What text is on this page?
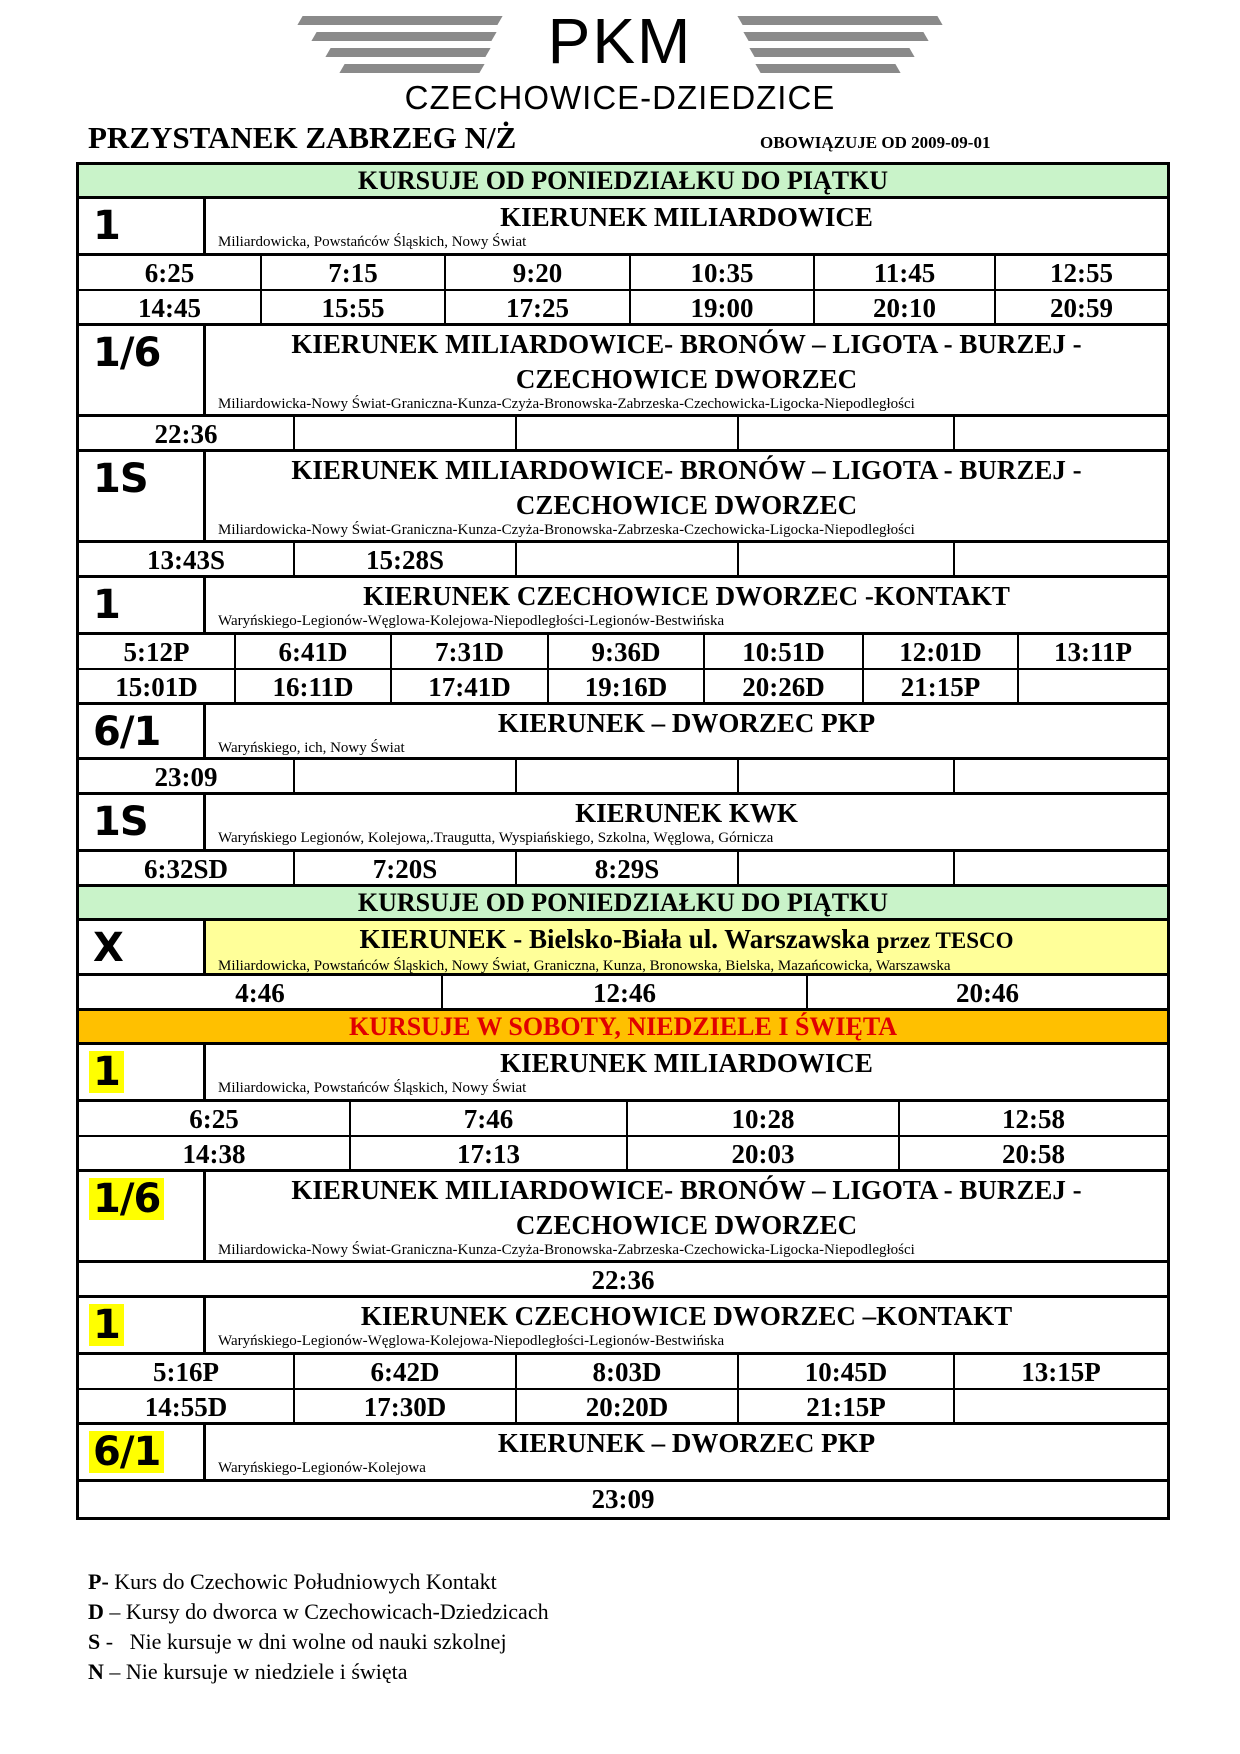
PKM
CZECHOWICE-DZIEDZICE
PRZYSTANEK ZABRZEG N/Ż	OBOWIĄZUJE OD 2009-09-01
KURSUJE OD PONIEDZIAŁKU DO PIĄTKU
1	KIERUNEK MILIARDOWICE
Miliardowicka, Powstańców Śląskich, Nowy Świat
6:25	7:15	9:20	10:35	11:45	12:55
14:45	15:55	17:25	19:00	20:10	20:59
1/6	KIERUNEK MILIARDOWICE- BRONÓW – LIGOTA - BURZEJ -
CZECHOWICE DWORZEC
Miliardowicka-Nowy Świat-Graniczna-Kunza-Czyża-Bronowska-Zabrzeska-Czechowicka-Ligocka-Niepodległości
22:36
1S	KIERUNEK MILIARDOWICE- BRONÓW – LIGOTA - BURZEJ -
CZECHOWICE DWORZEC
Miliardowicka-Nowy Świat-Graniczna-Kunza-Czyża-Bronowska-Zabrzeska-Czechowicka-Ligocka-Niepodległości
13:43S	15:28S
1	KIERUNEK CZECHOWICE DWORZEC -KONTAKT
Waryńskiego-Legionów-Węglowa-Kolejowa-Niepodległości-Legionów-Bestwińska
5:12P	6:41D	7:31D	9:36D	10:51D	12:01D	13:11P
15:01D	16:11D	17:41D	19:16D	20:26D	21:15P
6/1	KIERUNEK – DWORZEC PKP
Waryńskiego, ich, Nowy Świat
23:09
1S	KIERUNEK KWK
Waryńskiego Legionów, Kolejowa,.Traugutta, Wyspiańskiego, Szkolna, Węglowa, Górnicza
6:32SD	7:20S	8:29S
KURSUJE OD PONIEDZIAŁKU DO PIĄTKU
X	KIERUNEK - Bielsko-Biała ul. Warszawska przez TESCO
Miliardowicka, Powstańców Śląskich, Nowy Świat, Graniczna, Kunza, Bronowska, Bielska, Mazańcowicka, Warszawska
4:46	12:46	20:46
KURSUJE W SOBOTY, NIEDZIELE I ŚWIĘTA
1	KIERUNEK MILIARDOWICE
Miliardowicka, Powstańców Śląskich, Nowy Świat
6:25	7:46	10:28	12:58
14:38	17:13	20:03	20:58
1/6	KIERUNEK MILIARDOWICE- BRONÓW – LIGOTA - BURZEJ -
CZECHOWICE DWORZEC
Miliardowicka-Nowy Świat-Graniczna-Kunza-Czyża-Bronowska-Zabrzeska-Czechowicka-Ligocka-Niepodległości
22:36
1	KIERUNEK CZECHOWICE DWORZEC –KONTAKT
Waryńskiego-Legionów-Węglowa-Kolejowa-Niepodległości-Legionów-Bestwińska
5:16P	6:42D	8:03D	10:45D	13:15P
14:55D	17:30D	20:20D	21:15P
6/1	KIERUNEK – DWORZEC PKP
Waryńskiego-Legionów-Kolejowa
23:09
P- Kurs do Czechowic Południowych Kontakt
D – Kursy do dworca w Czechowicach-Dziedzicach
S -   Nie kursuje w dni wolne od nauki szkolnej
N – Nie kursuje w niedziele i święta
